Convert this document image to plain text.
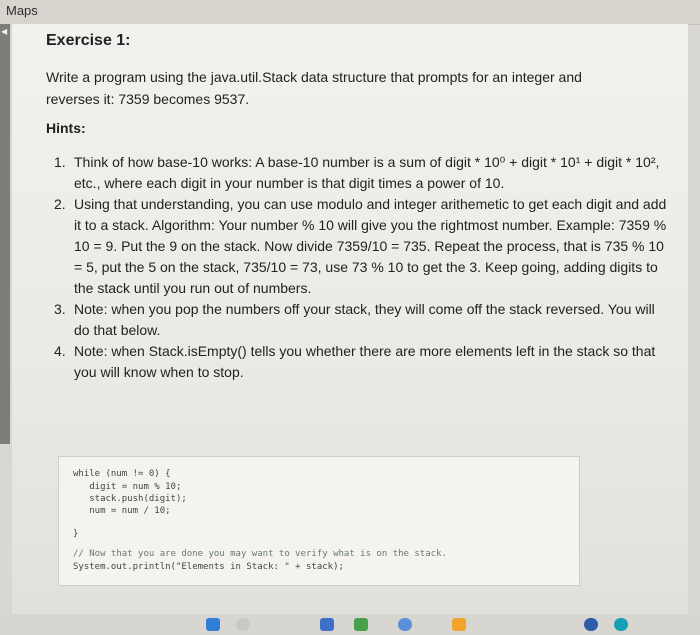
Maps
◀
Exercise 1:
Write a program using the java.util.Stack data structure that prompts for an integer and reverses it: 7359 becomes 9537.
Hints:
1. Think of how base-10 works: A base-10 number is a sum of digit * 10⁰ + digit * 10¹ + digit * 10², etc., where each digit in your number is that digit times a power of 10.
2. Using that understanding, you can use modulo and integer arithemetic to get each digit and add it to a stack. Algorithm: Your number % 10 will give you the rightmost number. Example: 7359 % 10 = 9. Put the 9 on the stack. Now divide 7359/10 = 735. Repeat the process, that is 735 % 10 = 5, put the 5 on the stack, 735/10 = 73, use 73 % 10 to get the 3. Keep going, adding digits to the stack until you run out of numbers.
3. Note: when you pop the numbers off your stack, they will come off the stack reversed. You will do that below.
4. Note: when Stack.isEmpty() tells you whether there are more elements left in the stack so that you will know when to stop.
while (num != 0) {
digit = num % 10;
stack.push(digit);
num = num / 10;
}
// Now that you are done you may want to verify what is on the stack.
System.out.println("Elements in Stack: " + stack);
